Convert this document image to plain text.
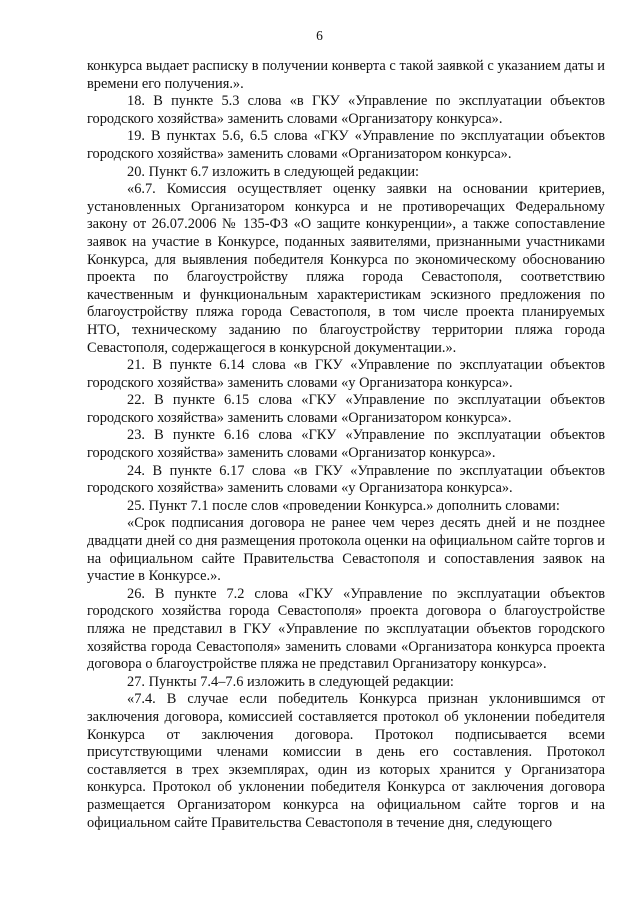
6

конкурса выдает расписку в получении конверта с такой заявкой с указанием даты и времени его получения.».

18. В пункте 5.3 слова «в ГКУ «Управление по эксплуатации объектов городского хозяйства» заменить словами «Организатору конкурса».

19. В пунктах 5.6, 6.5 слова «ГКУ «Управление по эксплуатации объектов городского хозяйства» заменить словами «Организатором конкурса».

20. Пункт 6.7 изложить в следующей редакции:

«6.7. Комиссия осуществляет оценку заявки на основании критериев, установленных Организатором конкурса и не противоречащих Федеральному закону от 26.07.2006 № 135-ФЗ «О защите конкуренции», а также сопоставление заявок на участие в Конкурсе, поданных заявителями, признанными участниками Конкурса, для выявления победителя Конкурса по экономическому обоснованию проекта по благоустройству пляжа города Севастополя, соответствию качественным и функциональным характеристикам эскизного предложения по благоустройству пляжа города Севастополя, в том числе проекта планируемых НТО, техническому заданию по благоустройству территории пляжа города Севастополя, содержащегося в конкурсной документации.».

21. В пункте 6.14 слова «в ГКУ «Управление по эксплуатации объектов городского хозяйства» заменить словами «у Организатора конкурса».

22. В пункте 6.15 слова «ГКУ «Управление по эксплуатации объектов городского хозяйства» заменить словами «Организатором конкурса».

23. В пункте 6.16 слова «ГКУ «Управление по эксплуатации объектов городского хозяйства» заменить словами «Организатор конкурса».

24. В пункте 6.17 слова «в ГКУ «Управление по эксплуатации объектов городского хозяйства» заменить словами «у Организатора конкурса».

25. Пункт 7.1 после слов «проведении Конкурса.» дополнить словами:

«Срок подписания договора не ранее чем через десять дней и не позднее двадцати дней со дня размещения протокола оценки на официальном сайте торгов и на официальном сайте Правительства Севастополя и сопоставления заявок на участие в Конкурсе.».

26. В пункте 7.2 слова «ГКУ «Управление по эксплуатации объектов городского хозяйства города Севастополя» проекта договора о благоустройстве пляжа не представил в ГКУ «Управление по эксплуатации объектов городского хозяйства города Севастополя» заменить словами «Организатора конкурса проекта договора о благоустройстве пляжа не представил Организатору конкурса».

27. Пункты 7.4–7.6 изложить в следующей редакции:

«7.4. В случае если победитель Конкурса признан уклонившимся от заключения договора, комиссией составляется протокол об уклонении победителя Конкурса от заключения договора. Протокол подписывается всеми присутствующими членами комиссии в день его составления. Протокол составляется в трех экземплярах, один из которых хранится у Организатора конкурса. Протокол об уклонении победителя Конкурса от заключения договора размещается Организатором конкурса на официальном сайте торгов и на официальном сайте Правительства Севастополя в течение дня, следующего
